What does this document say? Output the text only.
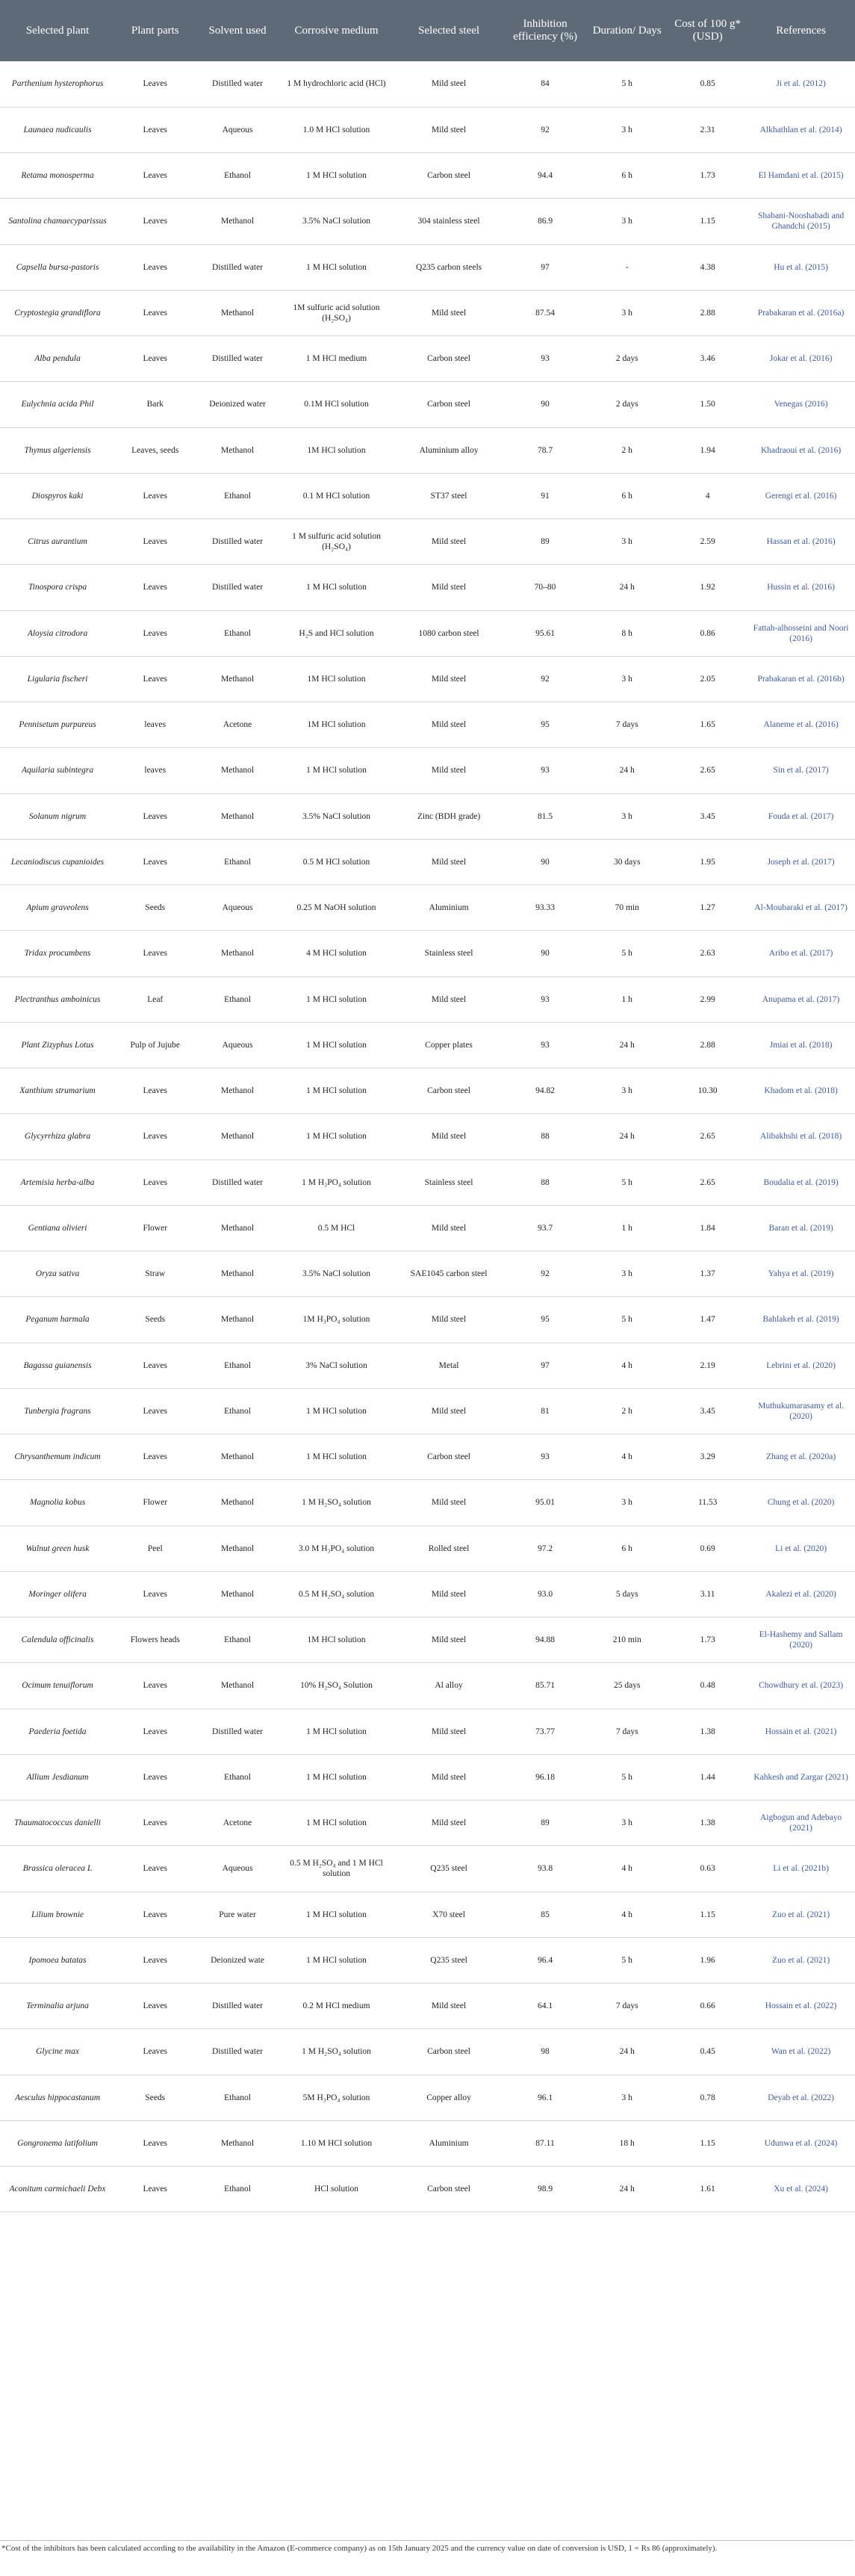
Selected plant	Plant parts	Solvent used	Corrosive medium	Selected steel	Inhibition efficiency (%)	Duration/ Days	Cost of 100 g*(USD)	References
Parthenium hysterophorus	Leaves	Distilled water	1 M hydrochloric acid (HCl)	Mild steel	84	5 h	0.85	Ji et al. (2012)
Launaea nudicaulis	Leaves	Aqueous	1.0 M HCl solution	Mild steel	92	3 h	2.31	Alkhathlan et al. (2014)
Retama monosperma	Leaves	Ethanol	1 M HCl solution	Carbon steel	94.4	6 h	1.73	El Hamdani et al. (2015)
Santolina chamaecyparissus	Leaves	Methanol	3.5% NaCl solution	304 stainless steel	86.9	3 h	1.15	Shabani-Nooshabadi and Ghandchi (2015)
Capsella bursa-pastoris	Leaves	Distilled water	1 M HCl solution	Q235 carbon steels	97	-	4.38	Hu et al. (2015)
Cryptostegia grandiflora	Leaves	Methanol	1M sulfuric acid solution (H₂SO₄)	Mild steel	87.54	3 h	2.88	Prabakaran et al. (2016a)
Alba pendula	Leaves	Distilled water	1 M HCl medium	Carbon steel	93	2 days	3.46	Jokar et al. (2016)
Eulychnia acida Phil	Bark	Deionized water	0.1M HCl solution	Carbon steel	90	2 days	1.50	Venegas (2016)
Thymus algeriensis	Leaves, seeds	Methanol	1M HCl solution	Aluminium alloy	78.7	2 h	1.94	Khadraoui et al. (2016)
Diospyros kaki	Leaves	Ethanol	0.1 M HCl solution	ST37 steel	91	6 h	4	Gerengi et al. (2016)
Citrus aurantium	Leaves	Distilled water	1 M sulfuric acid solution (H₂SO₄)	Mild steel	89	3 h	2.59	Hassan et al. (2016)
Tinospora crispa	Leaves	Distilled water	1 M HCl solution	Mild steel	70–80	24 h	1.92	Hussin et al. (2016)
Aloysia citrodora	Leaves	Ethanol	H₂S and HCl solution	1080 carbon steel	95.61	8 h	0.86	Fattah-alhosseini and Noori (2016)
Ligularia fischeri	Leaves	Methanol	1M HCl solution	Mild steel	92	3 h	2.05	Prabakaran et al. (2016b)
Pennisetum purpureus	leaves	Acetone	1M HCl solution	Mild steel	95	7 days	1.65	Alaneme et al. (2016)
Aquilaria subintegra	leaves	Methanol	1 M HCl solution	Mild steel	93	24 h	2.65	Sin et al. (2017)
Solanum nigrum	Leaves	Methanol	3.5% NaCl solution	Zinc (BDH grade)	81.5	3 h	3.45	Fouda et al. (2017)
Lecaniodiscus cupanioides	Leaves	Ethanol	0.5 M HCl solution	Mild steel	90	30 days	1.95	Joseph et al. (2017)
Apium graveolens	Seeds	Aqueous	0.25 M NaOH solution	Aluminium	93.33	70 min	1.27	Al-Moubaraki et al. (2017)
Tridax procumbens	Leaves	Methanol	4 M HCl solution	Stainless steel	90	5 h	2.63	Aribo et al. (2017)
Plectranthus amboinicus	Leaf	Ethanol	1 M HCl solution	Mild steel	93	1 h	2.99	Anupama et al. (2017)
Plant Zizyphus Lotus	Pulp of Jujube	Aqueous	1 M HCl solution	Copper plates	93	24 h	2.88	Jmiai et al. (2018)
Xanthium strumarium	Leaves	Methanol	1 M HCl solution	Carbon steel	94.82	3 h	10.30	Khadom et al. (2018)
Glycyrrhiza glabra	Leaves	Methanol	1 M HCl solution	Mild steel	88	24 h	2.65	Alibakhshi et al. (2018)
Artemisia herba-alba	Leaves	Distilled water	1 M H₃PO₄ solution	Stainless steel	88	5 h	2.65	Boudalia et al. (2019)
Gentiana olivieri	Flower	Methanol	0.5 M HCl	Mild steel	93.7	1 h	1.84	Baran et al. (2019)
Oryza sativa	Straw	Methanol	3.5% NaCl solution	SAE1045 carbon steel	92	3 h	1.37	Yahya et al. (2019)
Peganum harmala	Seeds	Methanol	1M H₃PO₄ solution	Mild steel	95	5 h	1.47	Bahlakeh et al. (2019)
Bagassa guianensis	Leaves	Ethanol	3% NaCl solution	Metal	97	4 h	2.19	Lebrini et al. (2020)
Tunbergia fragrans	Leaves	Ethanol	1 M HCl solution	Mild steel	81	2 h	3.45	Muthukumarasamy et al. (2020)
Chrysanthemum indicum	Leaves	Methanol	1 M HCl solution	Carbon steel	93	4 h	3.29	Zhang et al. (2020a)
Magnolia kobus	Flower	Methanol	1 M H₂SO₄ solution	Mild steel	95.01	3 h	11.53	Chung et al. (2020)
Walnut green husk	Peel	Methanol	3.0 M H₃PO₄ solution	Rolled steel	97.2	6 h	0.69	Li et al. (2020)
Moringer olifera	Leaves	Methanol	0.5 M H₂SO₄ solution	Mild steel	93.0	5 days	3.11	Akalezi et al. (2020)
Calendula officinalis	Flowers heads	Ethanol	1M HCl solution	Mild steel	94.88	210 min	1.73	El-Hashemy and Sallam (2020)
Ocimum tenuiflorum	Leaves	Methanol	10% H₂SO₄ Solution	Al alloy	85.71	25 days	0.48	Chowdhury et al. (2023)
Paederia foetida	Leaves	Distilled water	1 M HCl solution	Mild steel	73.77	7 days	1.38	Hossain et al. (2021)
Allium Jesdianum	Leaves	Ethanol	1 M HCl solution	Mild steel	96.18	5 h	1.44	Kahkesh and Zargar (2021)
Thaumatococcus danielli	Leaves	Acetone	1 M HCl solution	Mild steel	89	3 h	1.38	Aigbogun and Adebayo (2021)
Brassica oleracea L	Leaves	Aqueous	0.5 M H₂SO₄ and 1 M HCl solution	Q235 steel	93.8	4 h	0.63	Li et al. (2021b)
Lilium brownie	Leaves	Pure water	1 M HCl solution	X70 steel	85	4 h	1.15	Zuo et al. (2021)
Ipomoea batatas	Leaves	Deionized wate	1 M HCl solution	Q235 steel	96.4	5 h	1.96	Zuo et al. (2021)
Terminalia arjuna	Leaves	Distilled water	0.2 M HCl medium	Mild steel	64.1	7 days	0.66	Hossain et al. (2022)
Glycine max	Leaves	Distilled water	1 M H₂SO₄ solution	Carbon steel	98	24 h	0.45	Wan et al. (2022)
Aesculus hippocastanum	Seeds	Ethanol	5M H₃PO₄ solution	Copper alloy	96.1	3 h	0.78	Deyab et al. (2022)
Gongronema latifolium	Leaves	Methanol	1.10 M HCl solution	Aluminium	87.11	18 h	1.15	Udunwa et al. (2024)
Aconitum carmichaeli Debx	Leaves	Ethanol	HCl solution	Carbon steel	98.9	24 h	1.61	Xu et al. (2024)
*Cost of the inhibitors has been calculated according to the availability in the Amazon (E-commerce company) as on 15th January 2025 and the currency value on date of conversion is USD, 1 = Rs 86 (approximately).
